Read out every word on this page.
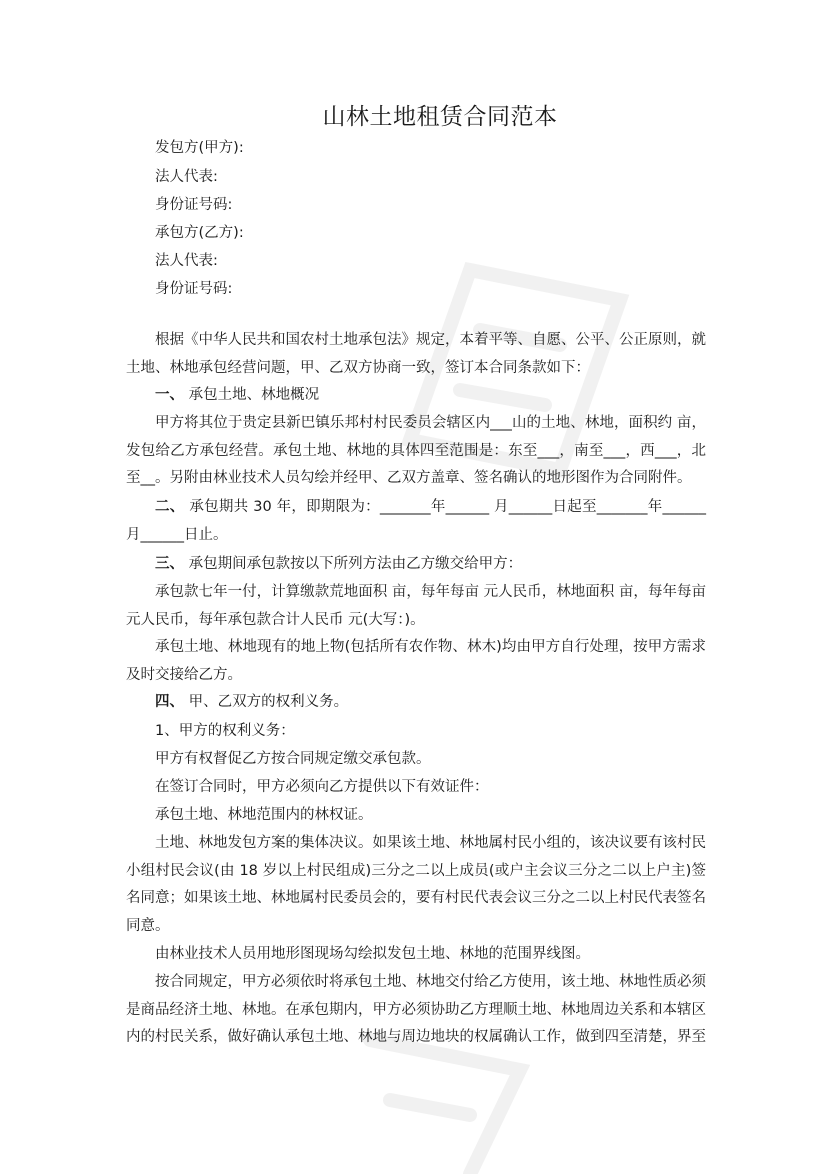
山林土地租赁合同范本
发包方(甲方):
法人代表:
身份证号码:
承包方(乙方):
法人代表:
身份证号码:
根据《中华人民共和国农村土地承包法》规定，本着平等、自愿、公平、公正原则，就土地、林地承包经营问题，甲、乙双方协商一致，签订本合同条款如下：
一、 承包土地、林地概况
甲方将其位于贵定县新巴镇乐邦村村民委员会辖区内___山的土地、林地，面积约 亩，发包给乙方承包经营。承包土地、林地的具体四至范围是：东至___，南至___，西___，北至__。另附由林业技术人员勾绘并经甲、乙双方盖章、签名确认的地形图作为合同附件。
二、 承包期共 30 年，即期限为：_______年______ 月______日起至_______年______月______日止。
三、 承包期间承包款按以下所列方法由乙方缴交给甲方：
承包款七年一付，计算缴款荒地面积 亩，每年每亩 元人民币，林地面积 亩，每年每亩元人民币，每年承包款合计人民币 元(大写：)。
承包土地、林地现有的地上物(包括所有农作物、林木)均由甲方自行处理，按甲方需求及时交接给乙方。
四、 甲、乙双方的权利义务。
1、甲方的权利义务：
甲方有权督促乙方按合同规定缴交承包款。
在签订合同时，甲方必须向乙方提供以下有效证件：
承包土地、林地范围内的林权证。
土地、林地发包方案的集体决议。如果该土地、林地属村民小组的，该决议要有该村民小组村民会议(由 18 岁以上村民组成)三分之二以上成员(或户主会议三分之二以上户主)签名同意；如果该土地、林地属村民委员会的，要有村民代表会议三分之二以上村民代表签名同意。
由林业技术人员用地形图现场勾绘拟发包土地、林地的范围界线图。
按合同规定，甲方必须依时将承包土地、林地交付给乙方使用，该土地、林地性质必须是商品经济土地、林地。在承包期内，甲方必须协助乙方理顺土地、林地周边关系和本辖区内的村民关系，做好确认承包土地、林地与周边地块的权属确认工作，做到四至清楚，界至
